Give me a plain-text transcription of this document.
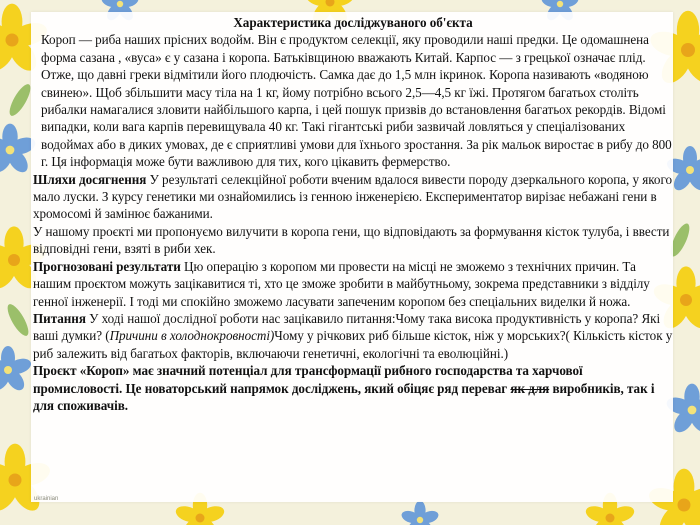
Характеристика досліджуваного об'єкта

Короп — риба наших прісних водойм. Він є продуктом селекції, яку проводили наші предки. Це одомашнена форма сазана , «вуса» є у сазана і коропа. Батьківщиною вважають Китай. Карпос — з грецької означає плід. Отже, що давні греки відмітили його плодючість. Самка дає до 1,5 млн ікринок. Коропа називають «водяною свинею». Щоб збільшити масу тіла на 1 кг, йому потрібно всього 2,5—4,5 кг їжі. Протягом багатьох століть рибалки намагалися зловити найбільшого карпа, і цей пошук призвів до встановлення багатьох рекордів. Відомі випадки, коли вага карпів перевищувала 40 кг. Такі гігантські риби зазвичай ловляться у спеціалізованих водоймах або в диких умовах, де є сприятливі умови для їхнього зростання. За рік мальок виростає в рибу до 800 г. Ця інформація може бути важливою для тих, кого цікавить фермерство.

Шляхи досягнення У результаті селекційної роботи вченим вдалося вивести породу дзеркального коропа, у якого мало луски. З курсу генетики ми ознайомились із генною інженерією. Експериментатор вирізає небажані гени в хромосомі й замінює бажаними.

У нашому проєкті ми пропонуємо вилучити в коропа гени, що відповідають за формування кісток тулуба, і ввести відповідні гени, взяті в риби хек.

Прогнозовані результати Цю операцію з коропом ми провести на місці не зможемо з технічних причин. Та нашим проєктом можуть зацікавитися ті, хто це зможе зробити в майбутньому, зокрема представники з відділу генної інженерії. І тоді ми спокійно зможемо ласувати запеченим коропом без спеціальних виделки й ножа.

Питання У ході нашої дослідної роботи нас зацікавило питання:Чому така висока продуктивність у коропа? Які ваші думки? (Причини в холоднокровності)Чому у річкових риб більше кісток, ніж у морських?( Кількість кісток у риб залежить від багатьох факторів, включаючи генетичні, екологічні та еволюційні.)

Проєкт «Короп» має значний потенціал для трансформації рибного господарства та харчової промисловості. Це новаторський напрямок досліджень, який обіцяє ряд переваг як для виробників, так і для споживачів.

ukrainian
